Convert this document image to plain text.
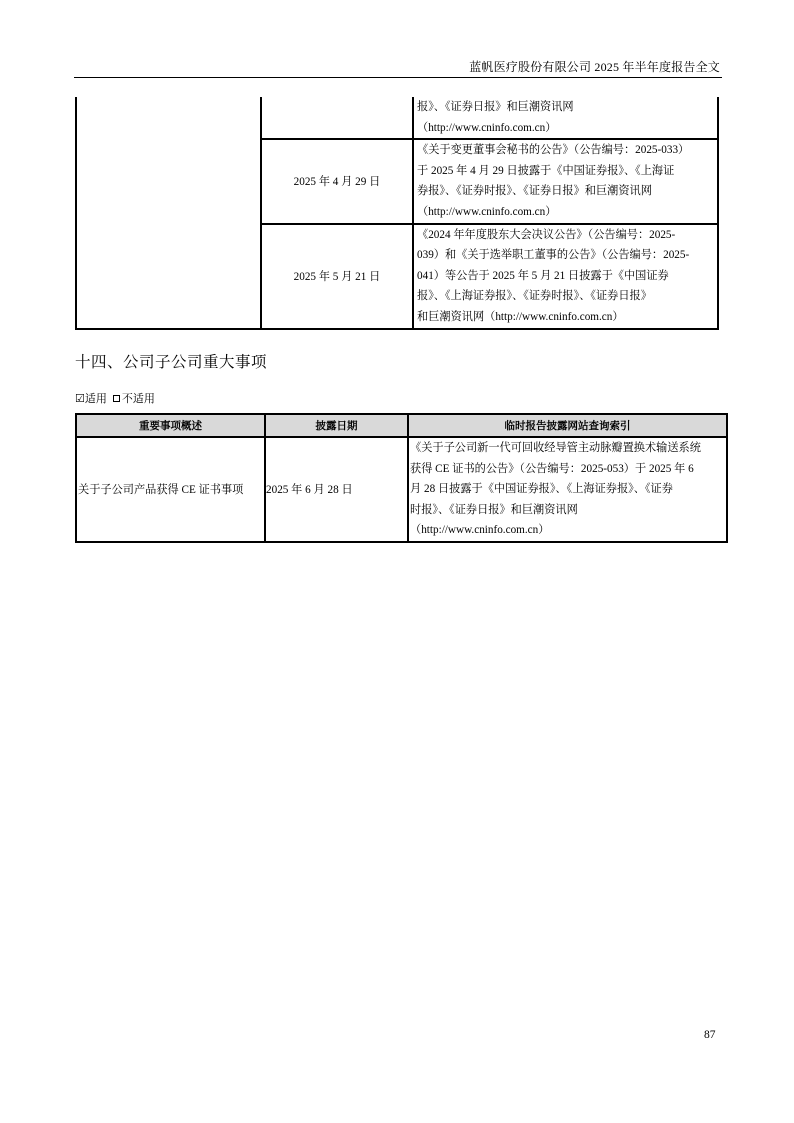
蓝帆医疗股份有限公司 2025 年半年度报告全文

		报》、《证券日报》和巨潮资讯网
（http://www.cninfo.com.cn）

	2025 年 4 月 29 日	《关于变更董事会秘书的公告》（公告编号：2025-033）
于 2025 年 4 月 29 日披露于《中国证券报》、《上海证
券报》、《证券时报》、《证券日报》和巨潮资讯网
（http://www.cninfo.com.cn）

	2025 年 5 月 21 日	《2024 年年度股东大会决议公告》（公告编号：2025-
039）和《关于选举职工董事的公告》（公告编号：2025-
041）等公告于 2025 年 5 月 21 日披露于《中国证券
报》、《上海证券报》、《证券时报》、《证券日报》
和巨潮资讯网（http://www.cninfo.com.cn）
十四、公司子公司重大事项
☑ 适用 不适用
重要事项概述	披露日期	临时报告披露网站查询索引
关于子公司产品获得 CE 证书事项	2025 年 6 月 28 日	《关于子公司新一代可回收经导管主动脉瓣置换术输送系统
获得 CE 证书的公告》（公告编号：2025-053）于 2025 年 6
月 28 日披露于《中国证券报》、《上海证券报》、《证券
时报》、《证券日报》和巨潮资讯网
（http://www.cninfo.com.cn）
87
